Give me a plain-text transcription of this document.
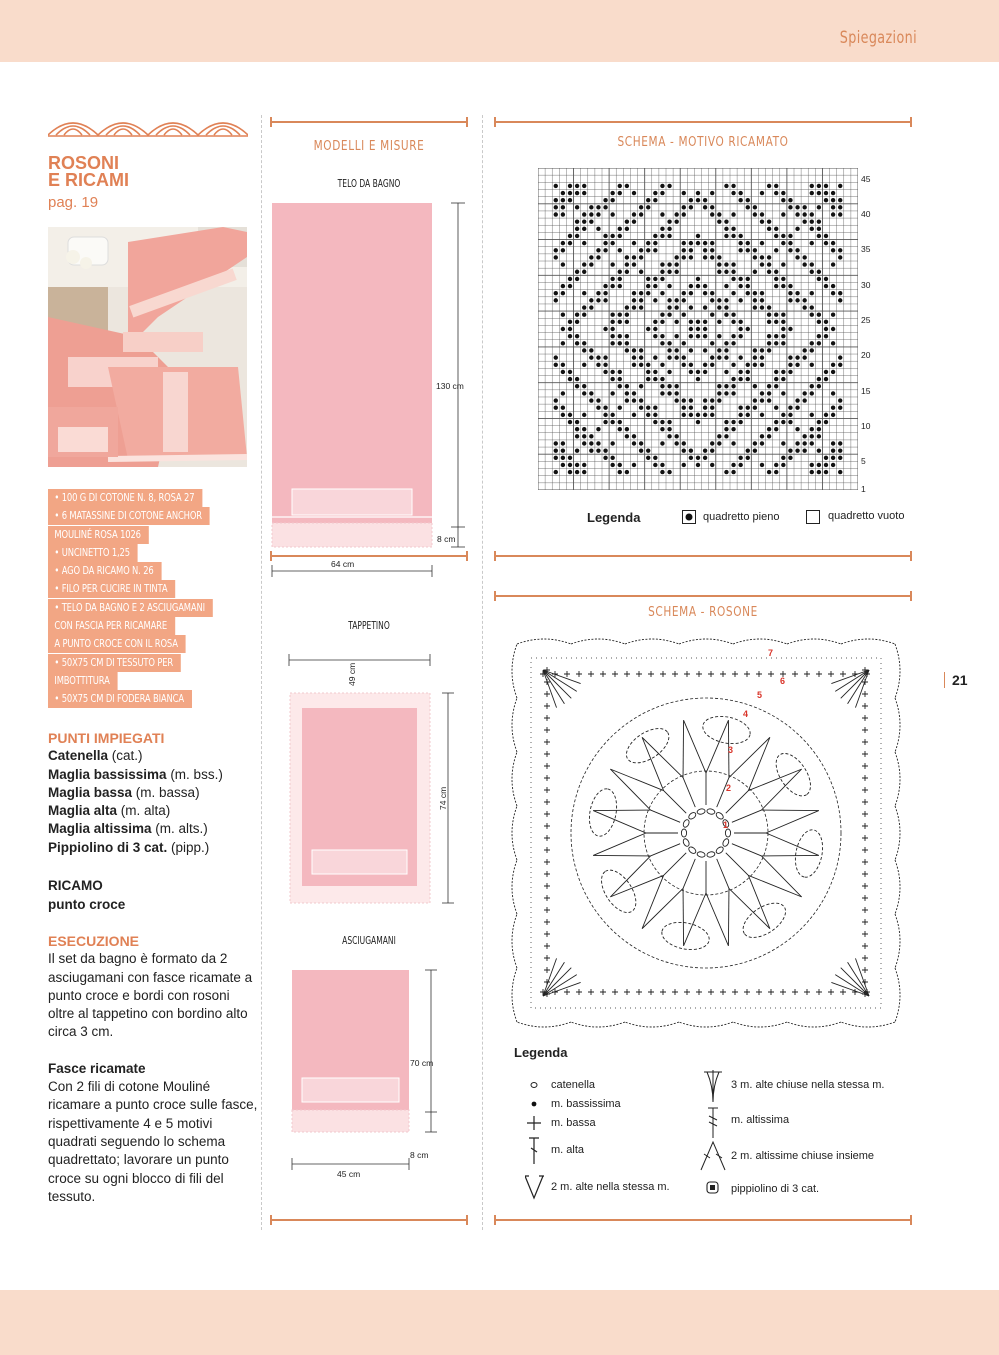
Spiegazioni
21
ROSONI
E RICAMI
pag. 19
• 100 G DI COTONE N. 8, ROSA 27
• 6 MATASSINE DI COTONE ANCHOR
MOULINÉ ROSA 1026
• UNCINETTO 1,25
• AGO DA RICAMO N. 26
• FILO PER CUCIRE IN TINTA
• TELO DA BAGNO E 2 ASCIUGAMANI
CON FASCIA PER RICAMARE
A PUNTO CROCE CON IL ROSA
• 50X75 CM DI TESSUTO PER
IMBOTTITURA
• 50X75 CM DI FODERA BIANCA
PUNTI IMPIEGATI
Catenella (cat.)
Maglia bassissima (m. bss.)
Maglia bassa (m. bassa)
Maglia alta (m. alta)
Maglia altissima (m. alts.)
Pippiolino di 3 cat. (pipp.)
RICAMO
punto croce
ESECUZIONE

Il set da bagno è formato da 2 asciugamani con fasce ricamate a punto croce e bordi con rosoni oltre al tappetino con bordino alto circa 3 cm.

Fasce ricamate

Con 2 fili di cotone Mouliné ricamare a punto croce sulle fasce, rispettivamente 4 e 5 motivi quadrati seguendo lo schema quadrettato; lavorare un punto croce su ogni blocco di fili del tessuto.

MODELLI E MISURE
TELO DA BAGNO
130 cm
8 cm
64 cm
TAPPETINO
49 cm
74 cm
ASCIUGAMANI
70 cm
8 cm
45 cm
SCHEMA - MOTIVO RICAMATO
45
40
35
30
25
20
15
10
5
1
Legenda	quadretto pieno	quadretto vuoto
SCHEMA - ROSONE
1
2
3
4
5
6
7
Legenda
catenella
m. bassissima
m. bassa
m. alta
2 m. alte nella stessa m.
3 m. alte chiuse nella stessa m.
m. altissima
2 m. altissime chiuse insieme
pippiolino di 3 cat.
